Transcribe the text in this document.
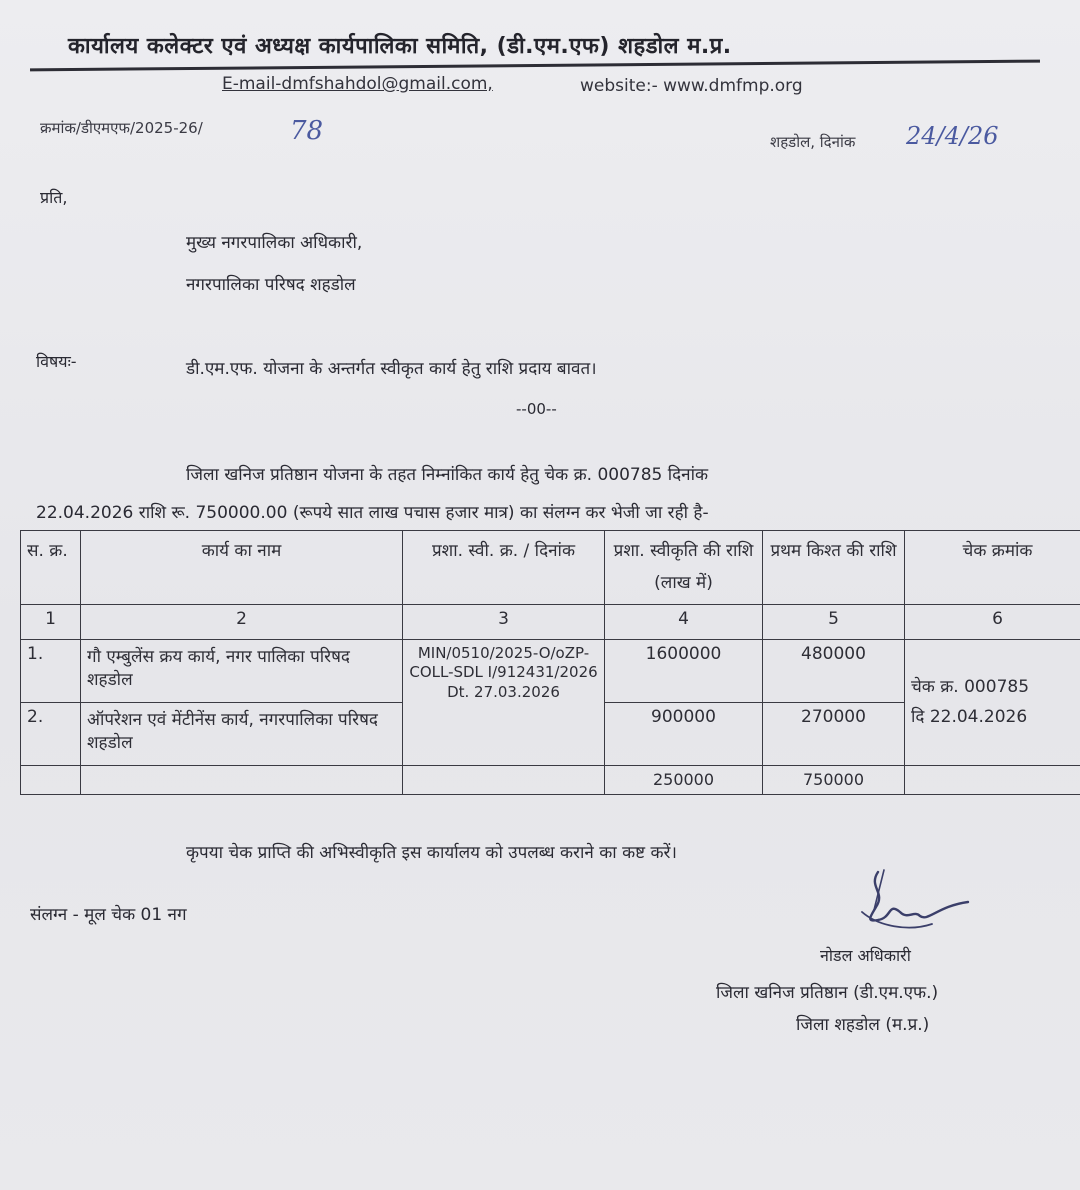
कार्यालय कलेक्टर एवं अध्यक्ष कार्यपालिका समिति, (डी.एम.एफ) शहडोल म.प्र.
E-mail-dmfshahdol@gmail.com,	website:- www.dmfmp.org
क्रमांक/डीएमएफ/2025-26/	78	शहडोल, दिनांक 24/4/26
प्रति,
मुख्य नगरपालिका अधिकारी,
नगरपालिका परिषद शहडोल
विषयः-	डी.एम.एफ. योजना के अन्तर्गत स्वीकृत कार्य हेतु राशि प्रदाय बावत।
--00--
जिला खनिज प्रतिष्ठान योजना के तहत निम्नांकित कार्य हेतु चेक क्र. 000785 दिनांक
22.04.2026 राशि रू. 750000.00 (रूपये सात लाख पचास हजार मात्र) का संलग्न कर भेजी जा रही है-
स. क्र.	कार्य का नाम	प्रशा. स्वी. क्र. / दिनांक	प्रशा. स्वीकृति की राशि (लाख में)	प्रथम किश्त की राशि	चेक क्रमांक
1	2	3	4	5	6
1.	गौ एम्बुलेंस क्रय कार्य, नगर पालिका परिषद शहडोल	MIN/0510/2025-O/oZP-COLL-SDL I/912431/2026 Dt. 27.03.2026	1600000	480000	चेक क्र. 000785
दि 22.04.2026

2.	ऑपरेशन एवं मेंटीनेंस कार्य, नगरपालिका परिषद शहडोल		900000	270000	
			250000	750000	
कृपया चेक प्राप्ति की अभिस्वीकृति इस कार्यालय को उपलब्ध कराने का कष्ट करें।
संलग्न - मूल चेक 01 नग
नोडल अधिकारी
जिला खनिज प्रतिष्ठान (डी.एम.एफ.)
जिला शहडोल (म.प्र.)
